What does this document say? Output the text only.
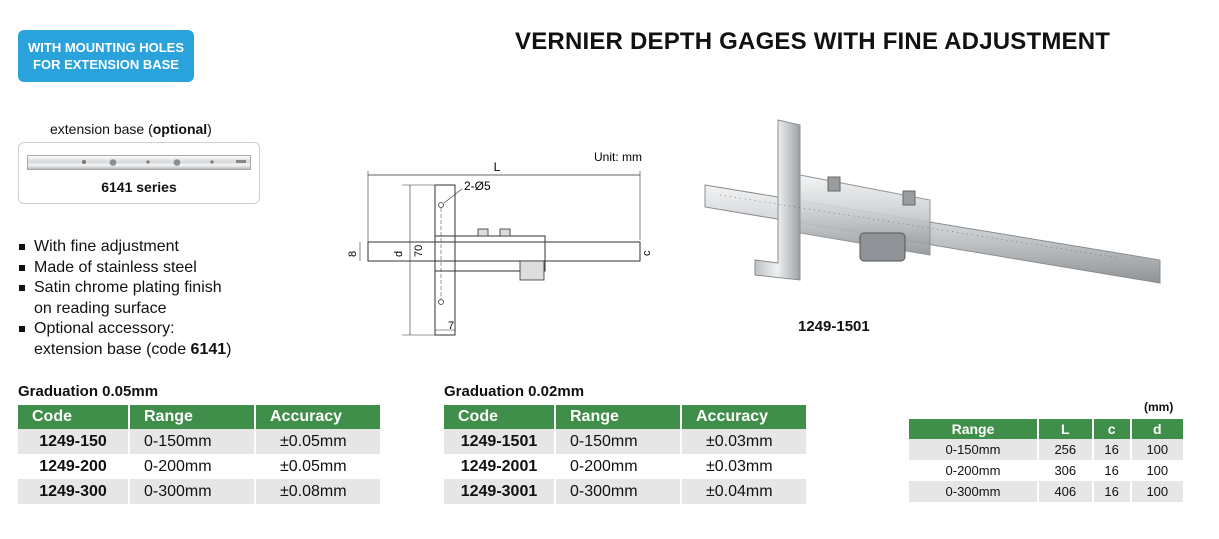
WITH MOUNTING HOLES
FOR EXTENSION BASE
VERNIER DEPTH GAGES WITH FINE ADJUSTMENT
extension base (optional)
6141 series
With fine adjustment
Made of stainless steel
Satin chrome plating finish
on reading surface
Optional accessory:
extension base (code 6141)
Unit: mm
L
2-Ø5
70
d
8	c
7	1249-1501
Graduation 0.05mm
Code	Range	Accuracy
1249-150	0-150mm	±0.05mm
1249-200	0-200mm	±0.05mm
1249-300	0-300mm	±0.08mm
Graduation 0.02mm
Code	Range	Accuracy
1249-1501	0-150mm	±0.03mm
1249-2001	0-200mm	±0.03mm
1249-3001	0-300mm	±0.04mm
(mm)
Range	L	c	d
0-150mm	256	16	100
0-200mm	306	16	100
0-300mm	406	16	100
